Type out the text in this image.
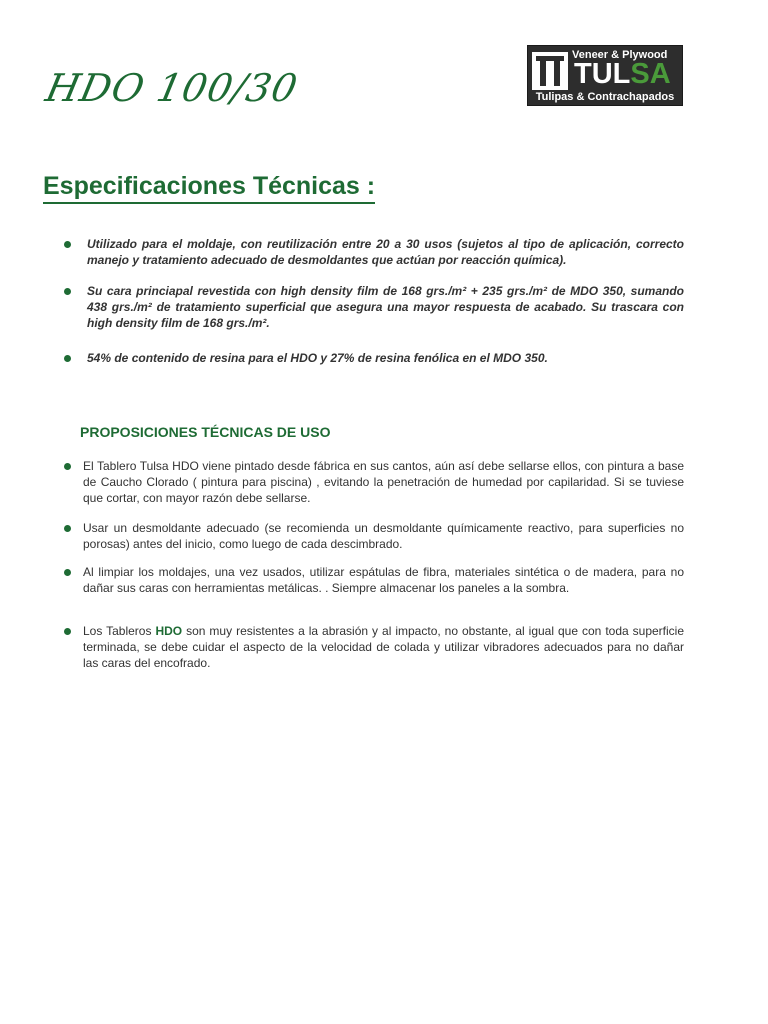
HDO 100/30
Veneer & Plywood
TULSA
Tulipas & Contrachapados
Especificaciones Técnicas :
Utilizado para el moldaje, con reutilización entre 20 a 30 usos (sujetos al tipo de aplicación, correcto manejo y tratamiento adecuado de desmoldantes que actúan por reacción química).
Su cara princiapal revestida con high density film de 168 grs./m² + 235 grs./m² de MDO 350, sumando 438 grs./m² de tratamiento superficial que asegura una mayor respuesta de acabado. Su trascara con high density film de 168 grs./m².
54% de contenido de resina para el HDO y 27% de resina fenólica en el MDO 350.
PROPOSICIONES TÉCNICAS DE USO
El Tablero Tulsa HDO viene pintado desde fábrica en sus cantos, aún así debe sellarse ellos, con pintura a base de Caucho Clorado ( pintura para piscina) , evitando la penetración de humedad por capilaridad. Si se tuviese que cortar, con mayor razón debe sellarse.
Usar un desmoldante adecuado (se recomienda un desmoldante químicamente reactivo, para superficies no porosas) antes del inicio, como luego de cada descimbrado.
Al limpiar los moldajes, una vez usados, utilizar espátulas de fibra, materiales sintética o de madera, para no dañar sus caras con herramientas metálicas. . Siempre almacenar los paneles a la sombra.
Los Tableros HDO son muy resistentes a la abrasión y al impacto, no obstante, al igual que con toda superficie terminada, se debe cuidar el aspecto de la velocidad de colada y utilizar vibradores adecuados para no dañar las caras del encofrado.
